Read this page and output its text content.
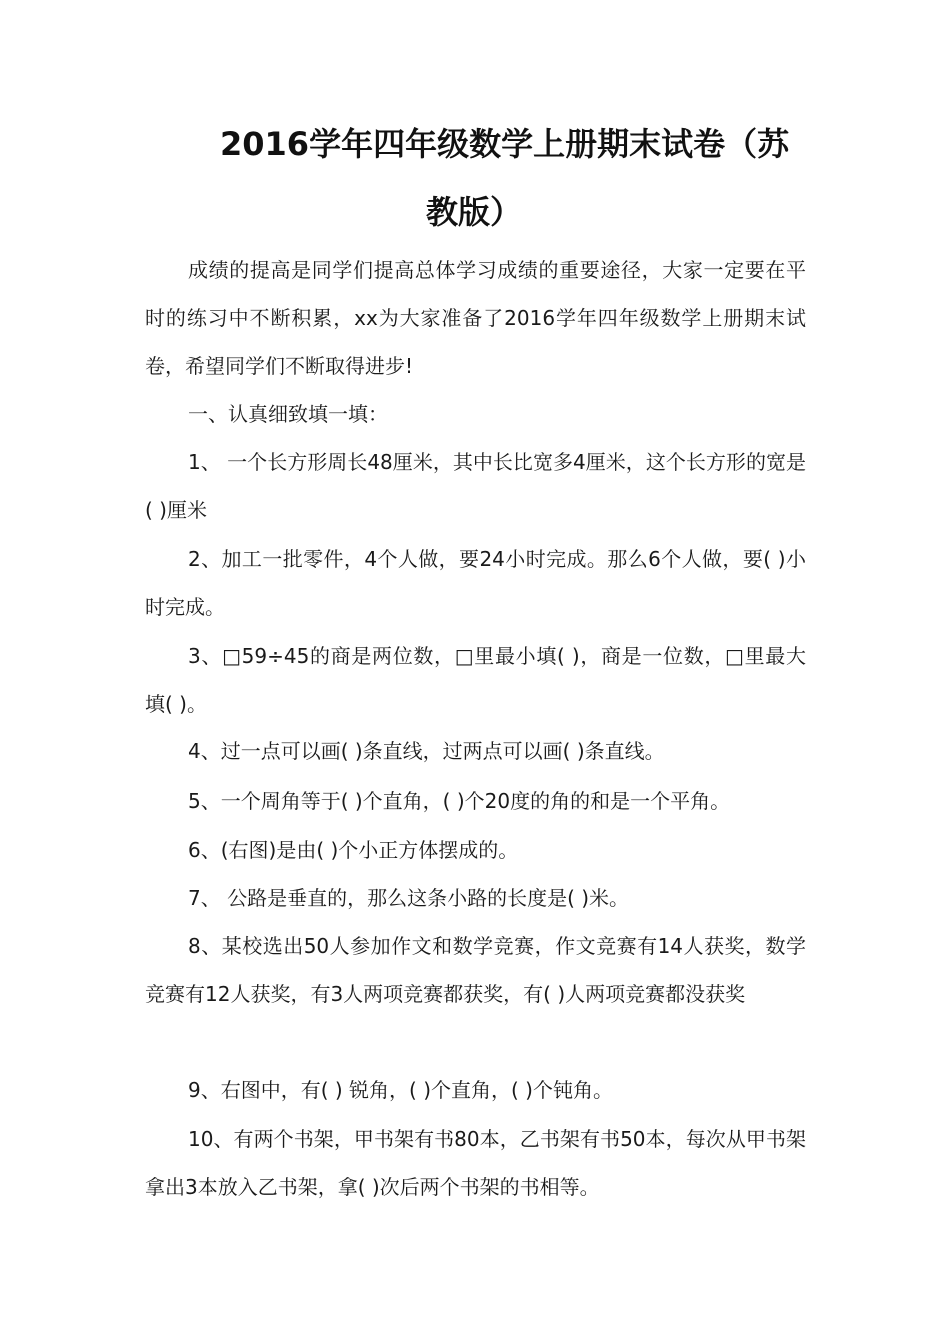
2016学年四年级数学上册期末试卷（苏
教版）

成绩的提高是同学们提高总体学习成绩的重要途径，大家一定要在平时的练习中不断积累，xx为大家准备了2016学年四年级数学上册期末试卷，希望同学们不断取得进步!

一、认真细致填一填：

1、 一个长方形周长48厘米，其中长比宽多4厘米，这个长方形的宽是( )厘米

2、加工一批零件，4个人做，要24小时完成。那么6个人做，要( )小时完成。

3、□59÷45的商是两位数，□里最小填( )，商是一位数，□里最大填( )。

4、过一点可以画( )条直线，过两点可以画( )条直线。

5、一个周角等于( )个直角，( )个20度的角的和是一个平角。

6、(右图)是由( )个小正方体摆成的。

7、 公路是垂直的，那么这条小路的长度是( )米。

8、某校选出50人参加作文和数学竞赛，作文竞赛有14人获奖，数学竞赛有12人获奖，有3人两项竞赛都获奖，有( )人两项竞赛都没获奖

9、右图中，有( ) 锐角，( )个直角，( )个钝角。

10、有两个书架，甲书架有书80本，乙书架有书50本，每次从甲书架拿出3本放入乙书架，拿( )次后两个书架的书相等。
